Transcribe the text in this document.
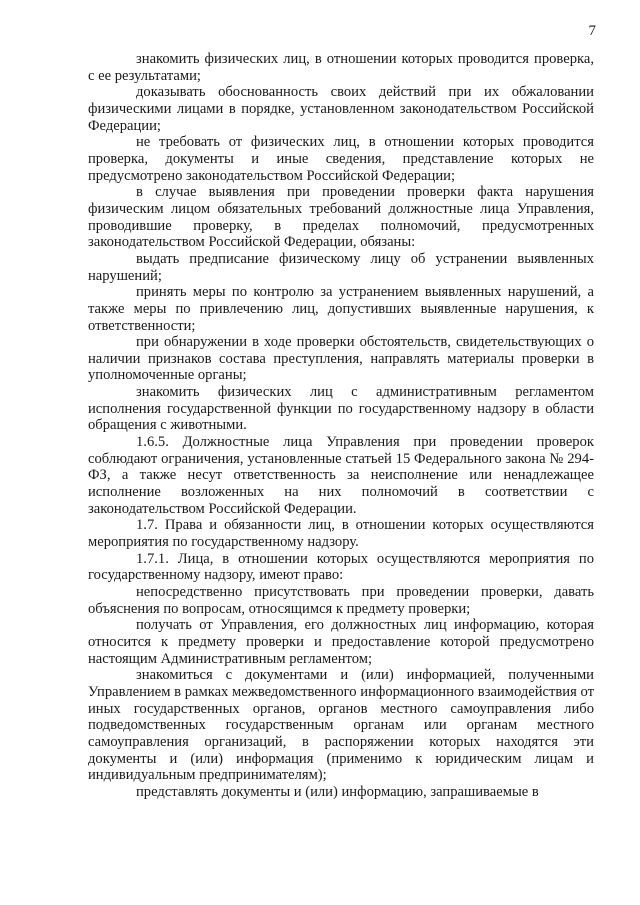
7

знакомить физических лиц, в отношении которых проводится проверка, с ее результатами;

доказывать обоснованность своих действий при их обжаловании физическими лицами в порядке, установленном законодательством Российской Федерации;

не требовать от физических лиц, в отношении которых проводится проверка, документы и иные сведения, представление которых не предусмотрено законодательством Российской Федерации;

в случае выявления при проведении проверки факта нарушения физическим лицом обязательных требований должностные лица Управления, проводившие проверку, в пределах полномочий, предусмотренных законодательством Российской Федерации, обязаны:

выдать предписание физическому лицу об устранении выявленных нарушений;

принять меры по контролю за устранением выявленных нарушений, а также меры по привлечению лиц, допустивших выявленные нарушения, к ответственности;

при обнаружении в ходе проверки обстоятельств, свидетельствующих о наличии признаков состава преступления, направлять материалы проверки в уполномоченные органы;

знакомить физических лиц с административным регламентом исполнения государственной функции по государственному надзору в области обращения с животными.

1.6.5. Должностные лица Управления при проведении проверок соблюдают ограничения, установленные статьей 15 Федерального закона № 294-ФЗ, а также несут ответственность за неисполнение или ненадлежащее исполнение возложенных на них полномочий в соответствии с законодательством Российской Федерации.

1.7. Права и обязанности лиц, в отношении которых осуществляются мероприятия по государственному надзору.

1.7.1. Лица, в отношении которых осуществляются мероприятия по государственному надзору, имеют право:

непосредственно присутствовать при проведении проверки, давать объяснения по вопросам, относящимся к предмету проверки;

получать от Управления, его должностных лиц информацию, которая относится к предмету проверки и предоставление которой предусмотрено настоящим Административным регламентом;

знакомиться с документами и (или) информацией, полученными Управлением в рамках межведомственного информационного взаимодействия от иных государственных органов, органов местного самоуправления либо подведомственных государственным органам или органам местного самоуправления организаций, в распоряжении которых находятся эти документы и (или) информация (применимо к юридическим лицам и индивидуальным предпринимателям);

представлять документы и (или) информацию, запрашиваемые в
